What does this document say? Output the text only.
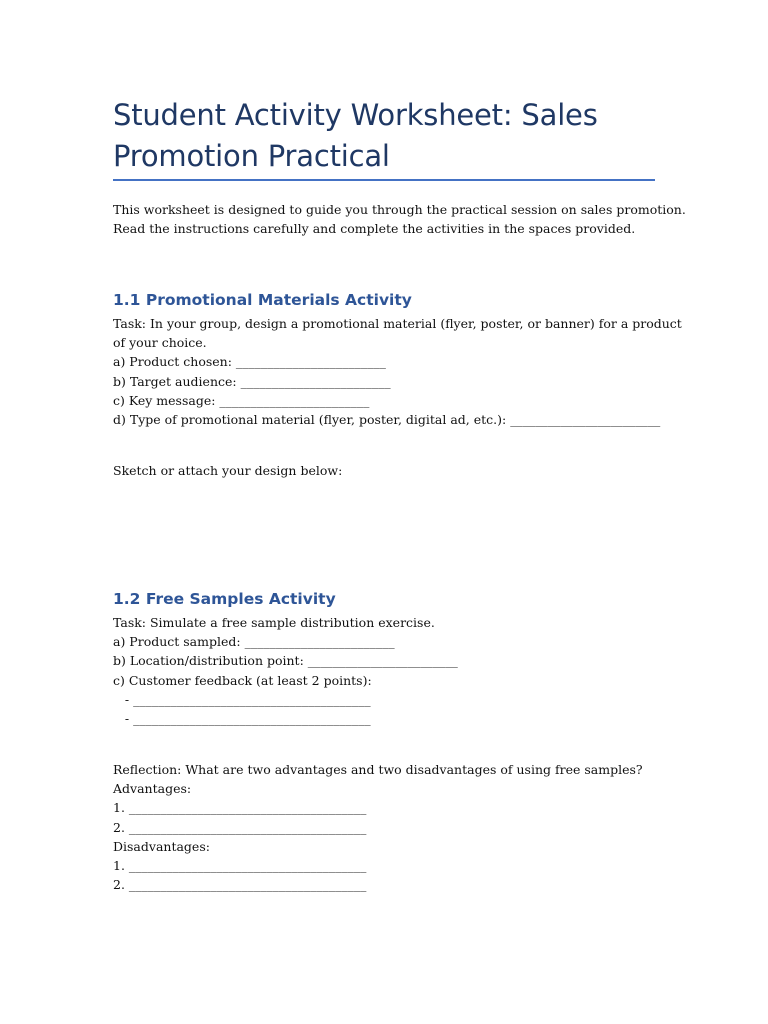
Student Activity Worksheet: Sales
Promotion Practical
This worksheet is designed to guide you through the practical session on sales promotion.
Read the instructions carefully and complete the activities in the spaces provided.
1.1 Promotional Materials Activity
Task: In your group, design a promotional material (flyer, poster, or banner) for a product
of your choice.
a) Product chosen: ________________________
b) Target audience: ________________________
c) Key message: ________________________
d) Type of promotional material (flyer, poster, digital ad, etc.): ________________________
Sketch or attach your design below:
1.2 Free Samples Activity
Task: Simulate a free sample distribution exercise.
a) Product sampled: ________________________
b) Location/distribution point: ________________________
c) Customer feedback (at least 2 points):
- ______________________________________
- ______________________________________
Reflection: What are two advantages and two disadvantages of using free samples?
Advantages:
1. ______________________________________
2. ______________________________________
Disadvantages:
1. ______________________________________
2. ______________________________________
